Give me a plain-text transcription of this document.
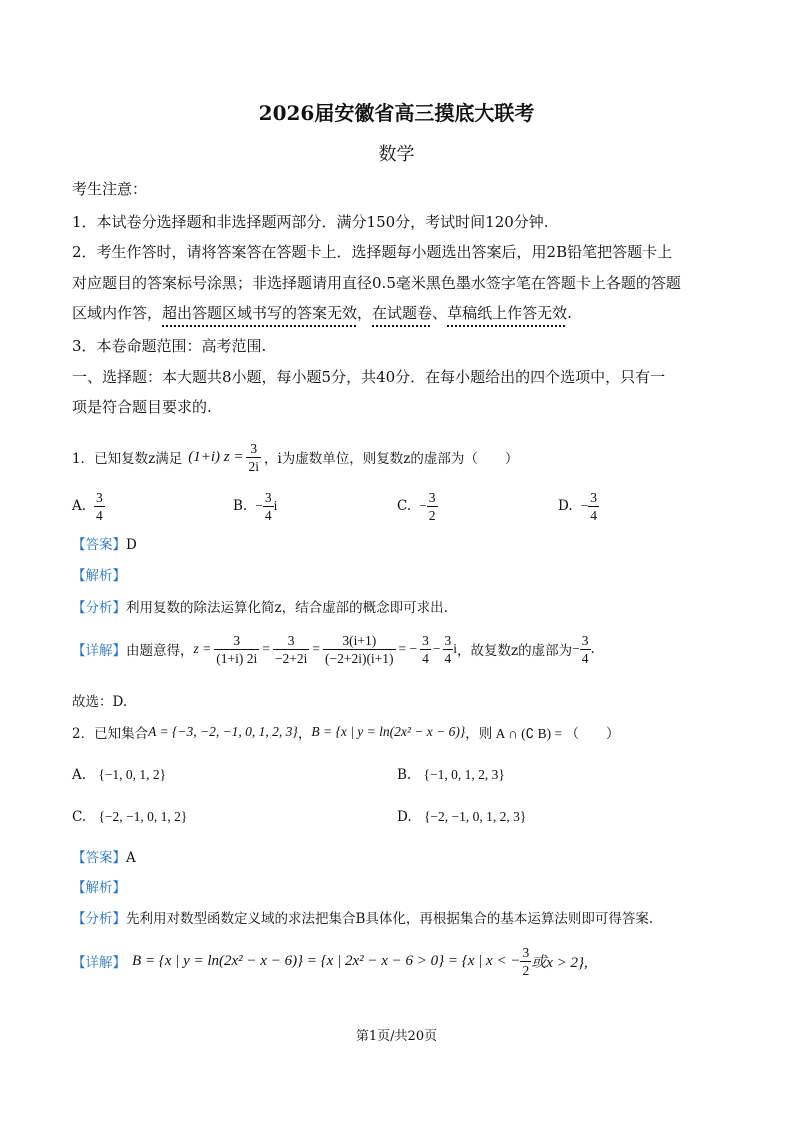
2026届安徽省高三摸底大联考
数学
考生注意：
1．本试卷分选择题和非选择题两部分．满分150分，考试时间120分钟.
2．考生作答时，请将答案答在答题卡上．选择题每小题选出答案后，用2B铅笔把答题卡上
对应题目的答案标号涂黑；非选择题请用直径0.5毫米黑色墨水签字笔在答题卡上各题的答题
区域内作答，超出答题区域书写的答案无效，在试题卷、草稿纸上作答无效.
3．本卷命题范围：高考范围.
一、选择题：本大题共8小题，每小题5分，共40分．在每小题给出的四个选项中，只有一
项是符合题目要求的.
1．已知复数z满足 (1+i) $z = \frac{3}{2i}$ ，i为虚数单位，则复数z的虚部为（　　）
A. $\frac{3}{4}$	B. − $\frac{3}{4}$ i	C. − $\frac{3}{2}$	D. − $\frac{3}{4}$
【答案】D
【解析】
【分析】利用复数的除法运算化简z，结合虚部的概念即可求出.
【详解】 由题意得， $z = \frac{3}{(1+i) 2i} = \frac{3}{-2+2i} = \frac{3(i+1)}{(-2+2i)(i+1)}$ = − $\frac{3}{4} - \frac{3}{4}$ i ，故复数z的虚部为 − $\frac{3}{4}$ .
故选：D.
2．已知集合 A = {−3, −2, −1, 0, 1, 2, 3} ， B = {x | y = ln(2x² − x − 6)} ，则 A ∩ (∁ B) = （　　）
A. {−1, 0, 1, 2}	B. {−1, 0, 1, 2, 3}
C. {−2, −1, 0, 1, 2}	D. {−2, −1, 0, 1, 2, 3}
【答案】A
【解析】
【分析】先利用对数型函数定义域的求法把集合B具体化，再根据集合的基本运算法则即可得答案.
【详解】 B = {x | y = ln(2x² − x − 6)} = {x | 2x² − x − 6 > 0} = {x | x < − $\frac{3}{2}$ 或x > 2},
第1页/共20页
